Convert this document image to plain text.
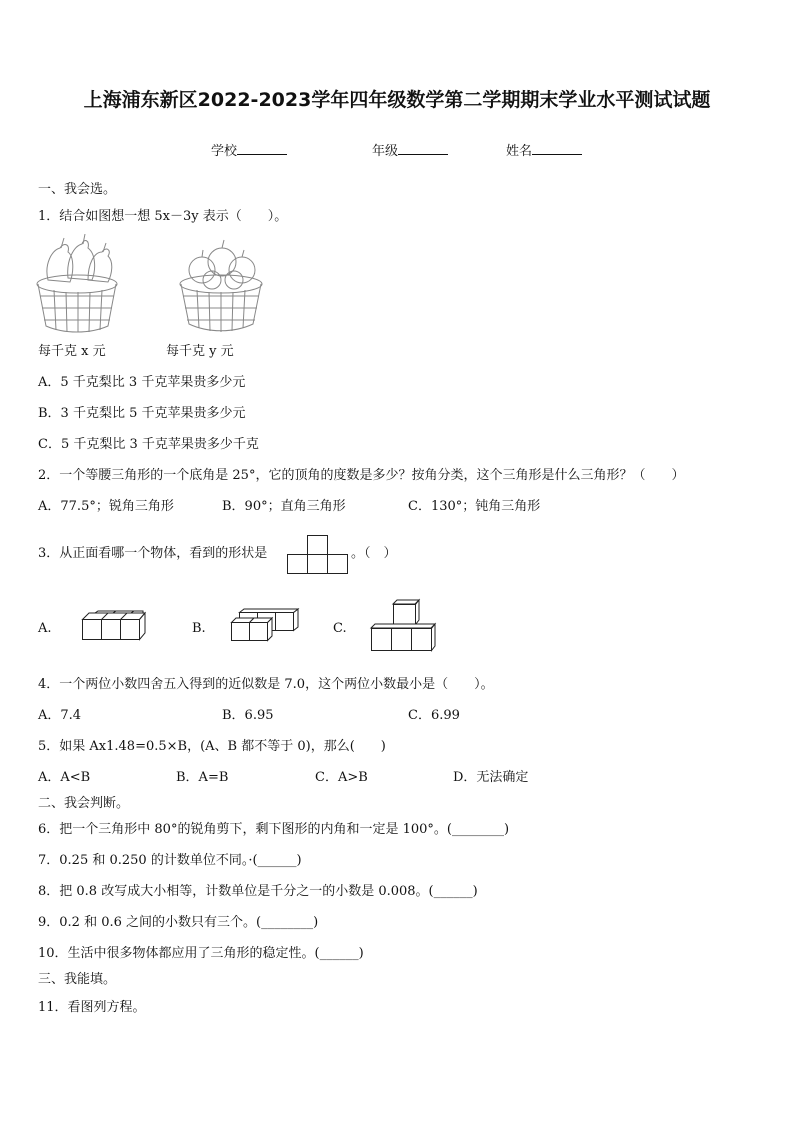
上海浦东新区2022-2023学年四年级数学第二学期期末学业水平测试试题
学校	年级	姓名
一、我会选。
1．结合如图想一想 5x－3y 表示（　　）。
每千克 x 元	每千克 y 元
A．5 千克梨比 3 千克苹果贵多少元
B．3 千克梨比 5 千克苹果贵多少元
C．5 千克梨比 3 千克苹果贵多少千克
2．一个等腰三角形的一个底角是 25°，它的顶角的度数是多少？按角分类，这个三角形是什么三角形？（　　）
A．77.5°；锐角三角形	B．90°；直角三角形	C．130°；钝角三角形
3．从正面看哪一个物体，看到的形状是	。（　）
A.	B.	C.
4．一个两位小数四舍五入得到的近似数是 7.0，这个两位小数最小是（　　）。
A．7.4	B．6.95	C．6.99
5．如果 Ax1.48=0.5×B，(A、B 都不等于 0)，那么(　　)
A．A<B	B．A=B	C．A>B	D．无法确定
二、我会判断。
6．把一个三角形中 80°的锐角剪下，剩下图形的内角和一定是 100°。(________)
7．0.25 和 0.250 的计数单位不同。·(______)
8．把 0.8 改写成大小相等，计数单位是千分之一的小数是 0.008。(______)
9．0.2 和 0.6 之间的小数只有三个。(________)
10．生活中很多物体都应用了三角形的稳定性。(______)
三、我能填。
11．看图列方程。
